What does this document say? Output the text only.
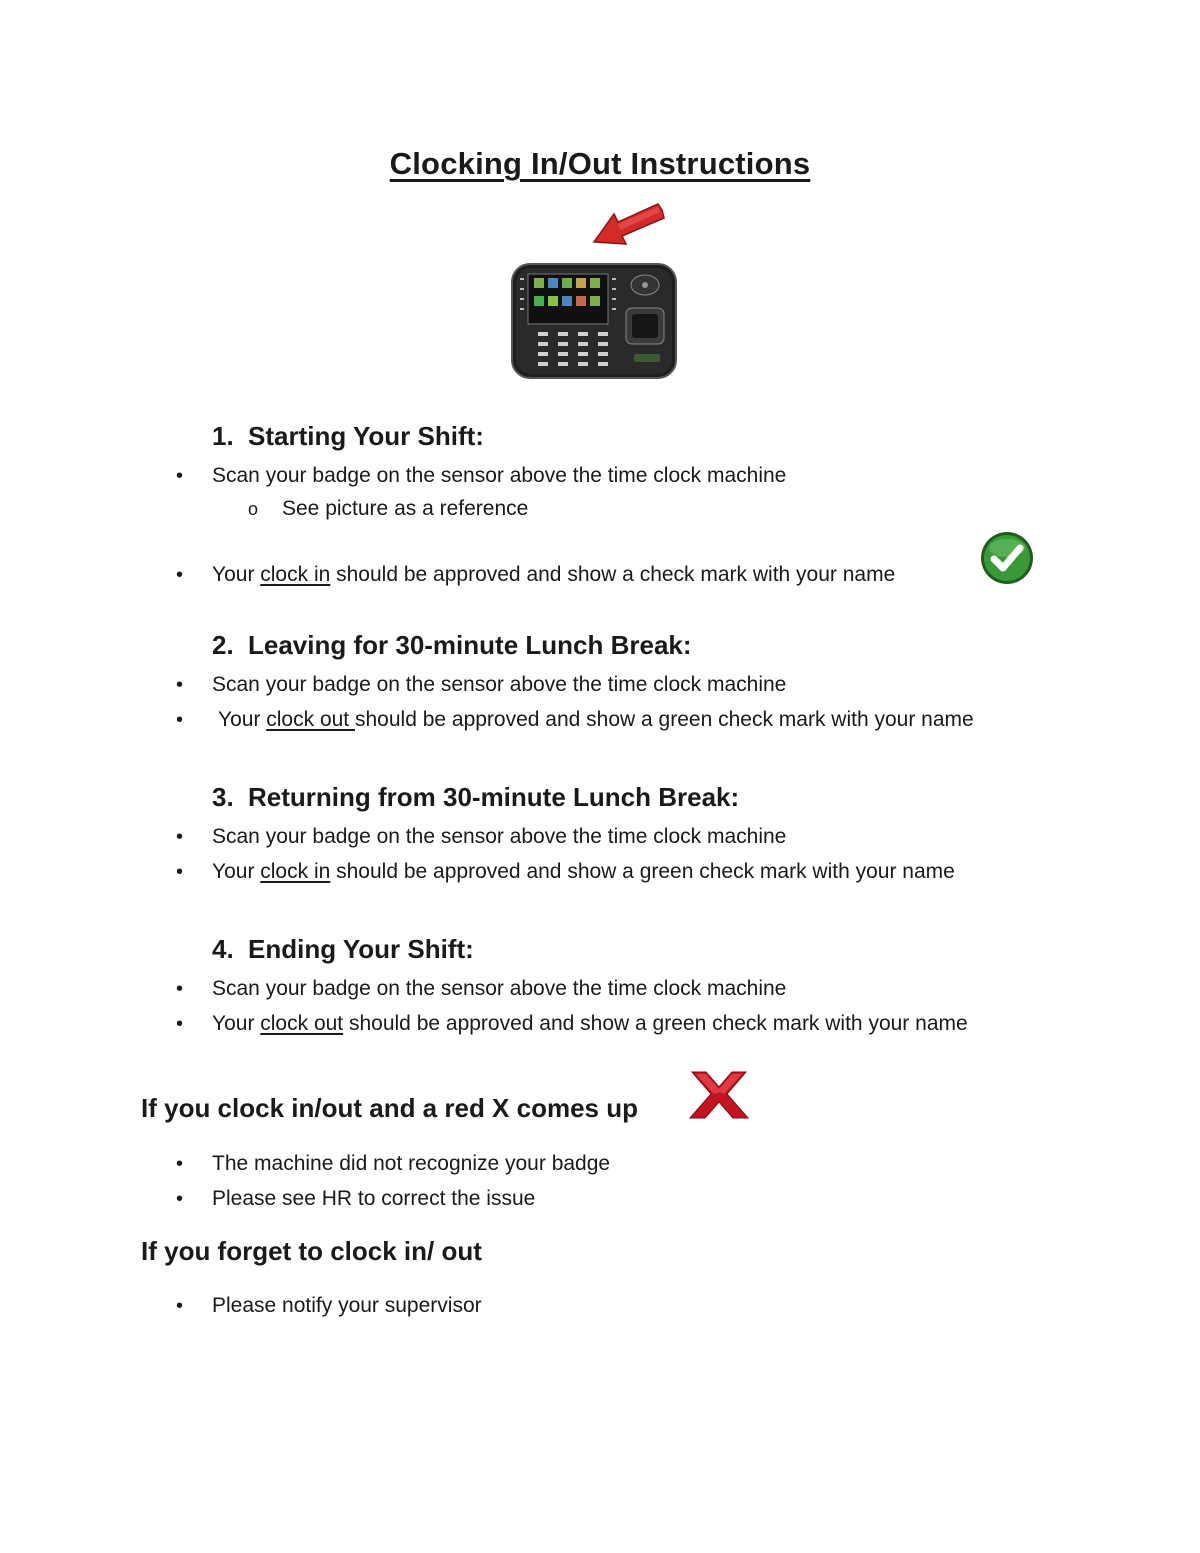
Clocking In/Out Instructions
1. Starting Your Shift:
• Scan your badge on the sensor above the time clock machine
o See picture as a reference
• Your clock in should be approved and show a check mark with your name
2. Leaving for 30-minute Lunch Break:
• Scan your badge on the sensor above the time clock machine
• Your clock out should be approved and show a green check mark with your name
3. Returning from 30-minute Lunch Break:
• Scan your badge on the sensor above the time clock machine
• Your clock in should be approved and show a green check mark with your name
4. Ending Your Shift:
• Scan your badge on the sensor above the time clock machine
• Your clock out should be approved and show a green check mark with your name
If you clock in/out and a red X comes up
• The machine did not recognize your badge
• Please see HR to correct the issue
If you forget to clock in/ out
• Please notify your supervisor
